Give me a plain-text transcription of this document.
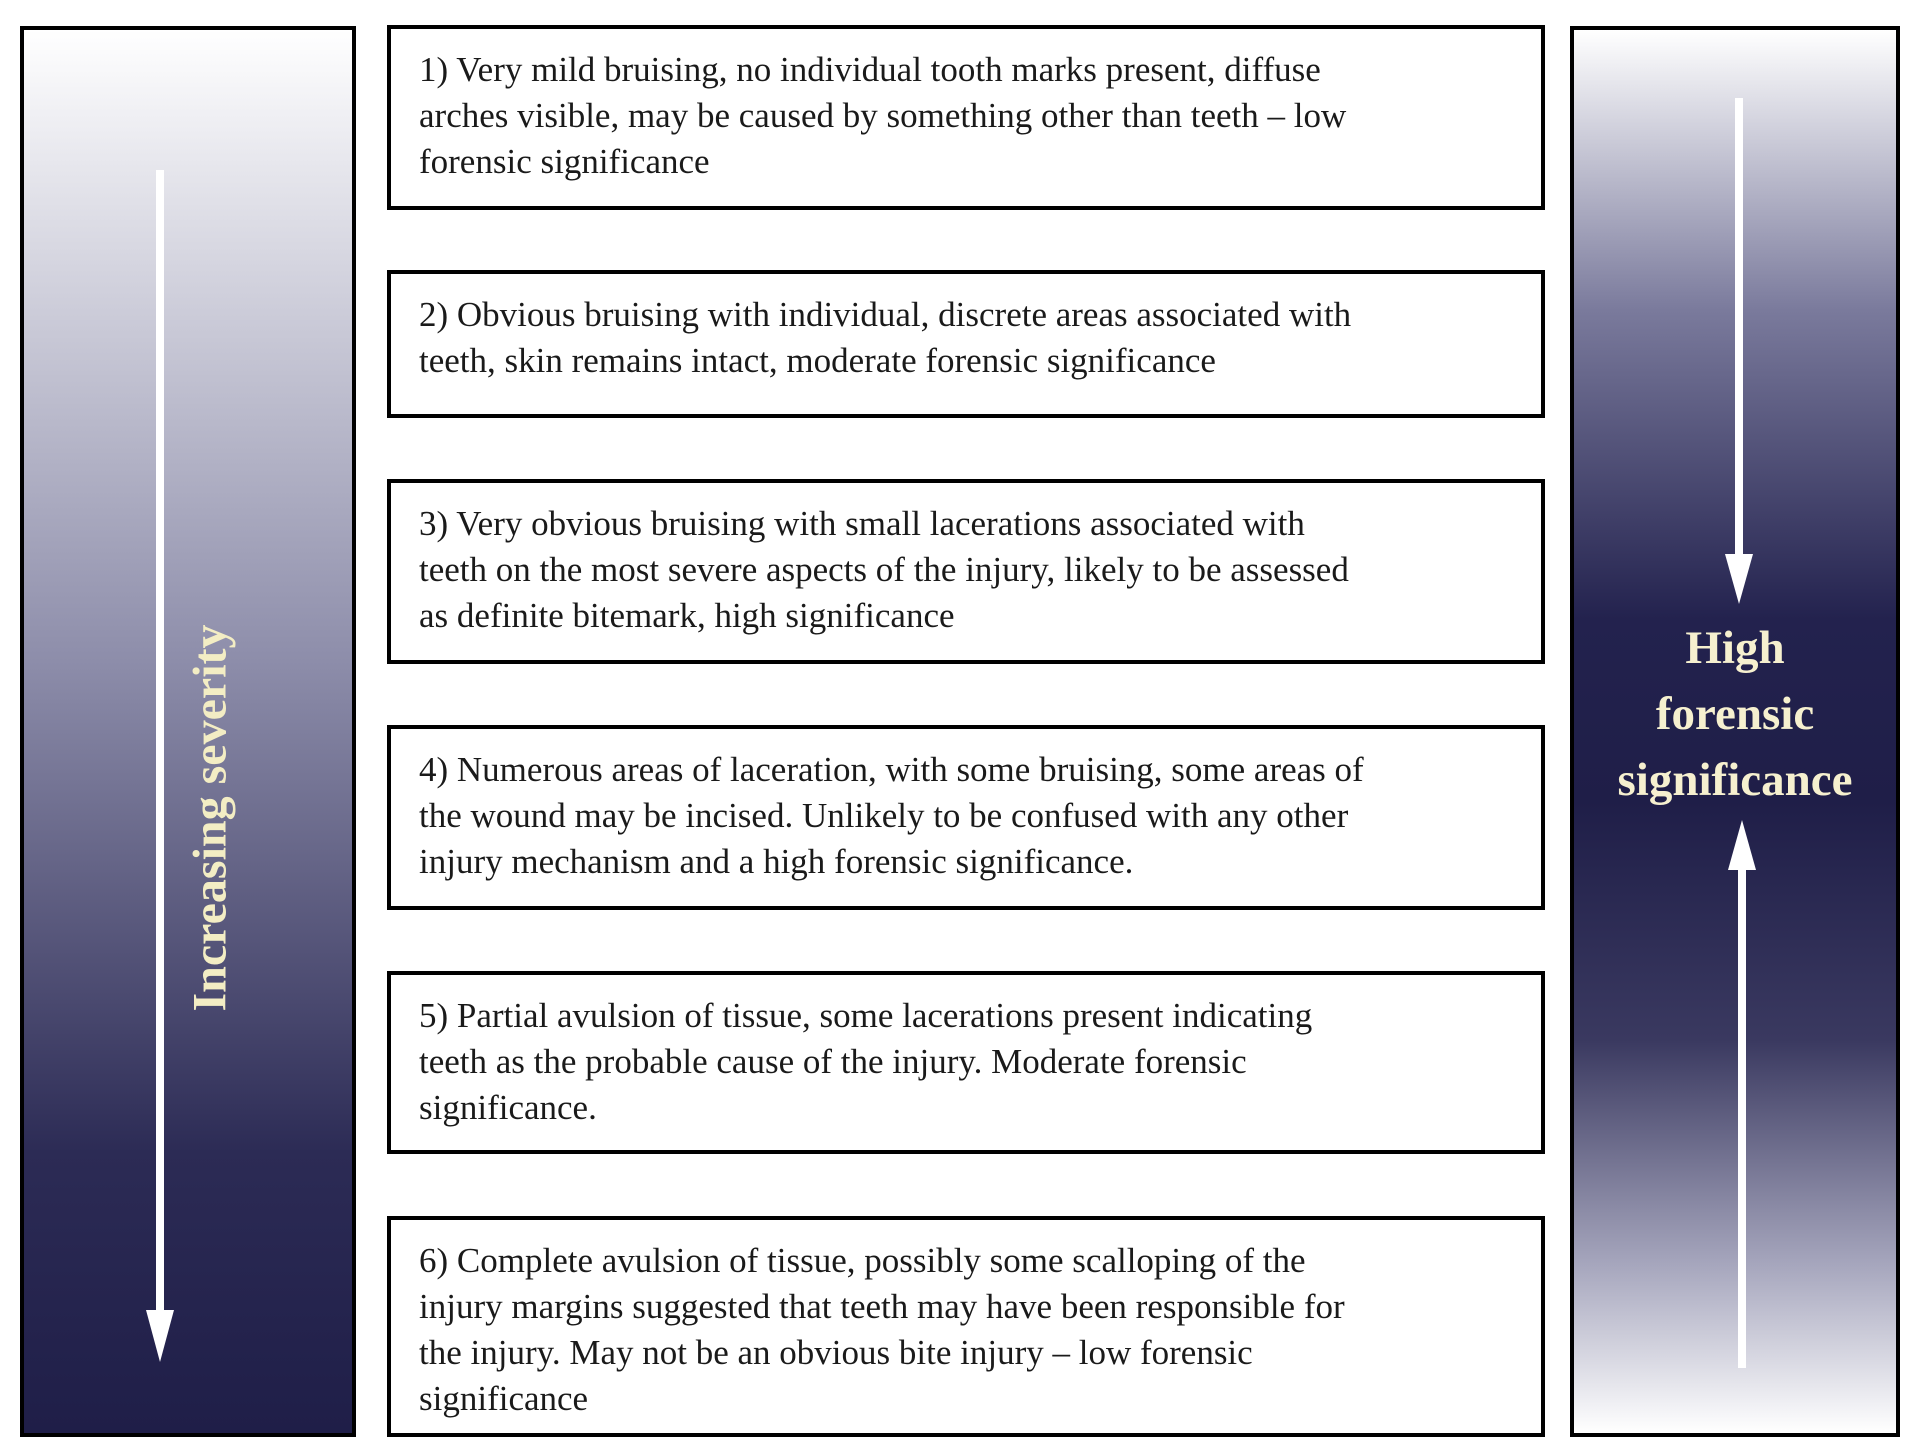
Increasing severity	High
forensic
significance
1) Very mild bruising, no individual tooth marks present, diffuse
arches visible, may be caused by something other than teeth – low
forensic significance
2) Obvious bruising with individual, discrete areas associated with
teeth, skin remains intact, moderate forensic significance
3) Very obvious bruising with small lacerations associated with
teeth on the most severe aspects of the injury, likely to be assessed
as definite bitemark, high significance
4) Numerous areas of laceration, with some bruising, some areas of
the wound may be incised. Unlikely to be confused with any other
injury mechanism and a high forensic significance.
5) Partial avulsion of tissue, some lacerations present indicating
teeth as the probable cause of the injury. Moderate forensic
significance.
6) Complete avulsion of tissue, possibly some scalloping of the
injury margins suggested that teeth may have been responsible for
the injury. May not be an obvious bite injury – low forensic
significance
